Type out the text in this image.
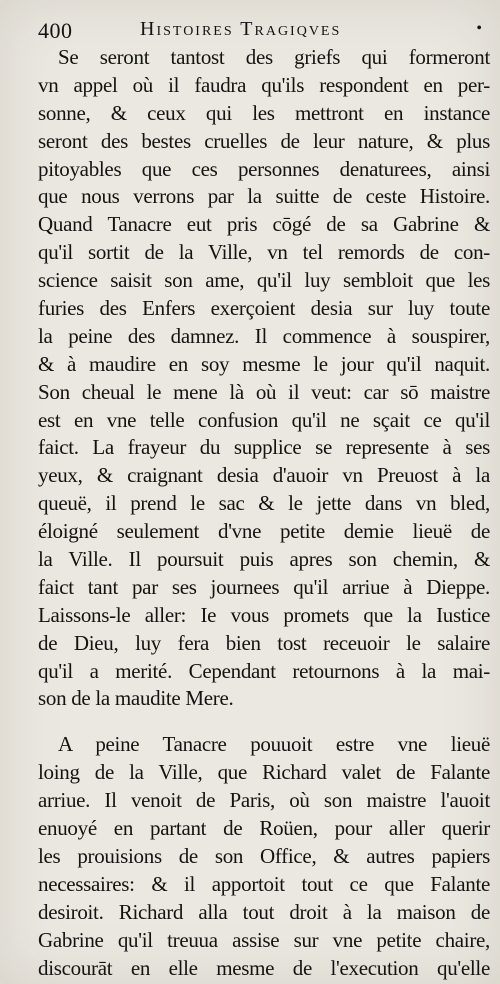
400	Histoires Tragiqves	•
Se seront tantost des griefs qui formeront
vn appel où il faudra qu'ils respondent en per-
sonne, & ceux qui les mettront en instance
seront des bestes cruelles de leur nature, & plus
pitoyables que ces personnes denaturees, ainsi
que nous verrons par la suitte de ceste Histoire.
Quand Tanacre eut pris cōgé de sa Gabrine &
qu'il sortit de la Ville, vn tel remords de con-
science saisit son ame, qu'il luy sembloit que les
furies des Enfers exerçoient desia sur luy toute
la peine des damnez. Il commence à souspirer,
& à maudire en soy mesme le jour qu'il naquit.
Son cheual le mene là où il veut: car sō maistre
est en vne telle confusion qu'il ne sçait ce qu'il
faict. La frayeur du supplice se represente à ses
yeux, & craignant desia d'auoir vn Preuost à la
queuë, il prend le sac & le jette dans vn bled,
éloigné seulement d'vne petite demie lieuë de
la Ville. Il poursuit puis apres son chemin, &
faict tant par ses journees qu'il arriue à Dieppe.
Laissons-le aller: Ie vous promets que la Iustice
de Dieu, luy fera bien tost receuoir le salaire
qu'il a merité. Cependant retournons à la mai-
son de la maudite Mere.
A peine Tanacre pouuoit estre vne lieuë
loing de la Ville, que Richard valet de Falante
arriue. Il venoit de Paris, où son maistre l'auoit
enuoyé en partant de Roüen, pour aller querir
les prouisions de son Office, & autres papiers
necessaires: & il apportoit tout ce que Falante
desiroit. Richard alla tout droit à la maison de
Gabrine qu'il treuua assise sur vne petite chaire,
discourāt en elle mesme de l'execution qu'elle
